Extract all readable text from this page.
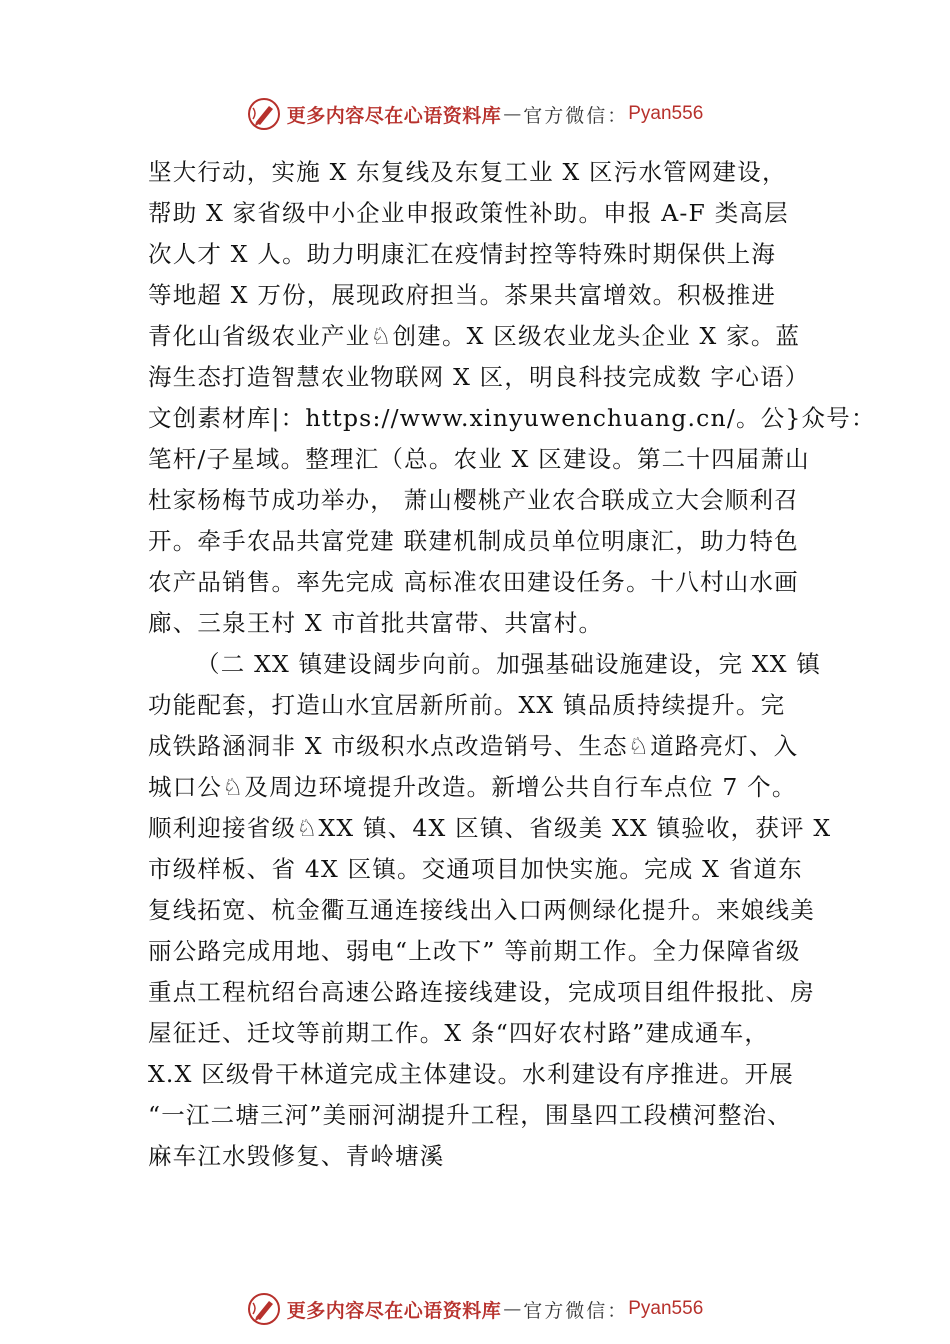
更多内容尽在心语资料库 — 官方微信： Pyan556
坚大行动，实施 X 东复线及东复工业 X 区污水管网建设，
帮助 X 家省级中小企业申报政策性补助。申报 A-F 类高层
次人才 X 人。助力明康汇在疫情封控等特殊时期保供上海
等地超 X 万份，展现政府担当。茶果共富增效。积极推进
青化山省级农业产业♘创建。X 区级农业龙头企业 X 家。蓝
海生态打造智慧农业物联网 X 区，明良科技完成数 字心语）
文创素材库|：https://www.xinyuwenchuang.cn/。公}众号：
笔杆/子星域。整理汇（总。农业 X 区建设。第二十四届萧山
杜家杨梅节成功举办， 萧山樱桃产业农合联成立大会顺利召
开。牵手农品共富党建 联建机制成员单位明康汇，助力特色
农产品销售。率先完成 高标准农田建设任务。十八村山水画
廊、三泉王村 X 市首批共富带、共富村。
（二 XX 镇建设阔步向前。加强基础设施建设，完 XX 镇
功能配套，打造山水宜居新所前。XX 镇品质持续提升。完
成铁路涵洞非 X 市级积水点改造销号、生态♘道路亮灯、入
城口公♘及周边环境提升改造。新增公共自行车点位 7 个。
顺利迎接省级♘XX 镇、4X 区镇、省级美 XX 镇验收，获评 X
市级样板、省 4X 区镇。交通项目加快实施。完成 X 省道东
复线拓宽、杭金衢互通连接线出入口两侧绿化提升。来娘线美
丽公路完成用地、弱电“上改下” 等前期工作。全力保障省级
重点工程杭绍台高速公路连接线建设，完成项目组件报批、房
屋征迁、迁坟等前期工作。X 条“四好农村路”建成通车，
X.X 区级骨干林道完成主体建设。水利建设有序推进。开展
“一江二塘三河”美丽河湖提升工程，围垦四工段横河整治、
麻车江水毁修复、青岭塘溪
更多内容尽在心语资料库 — 官方微信： Pyan556
